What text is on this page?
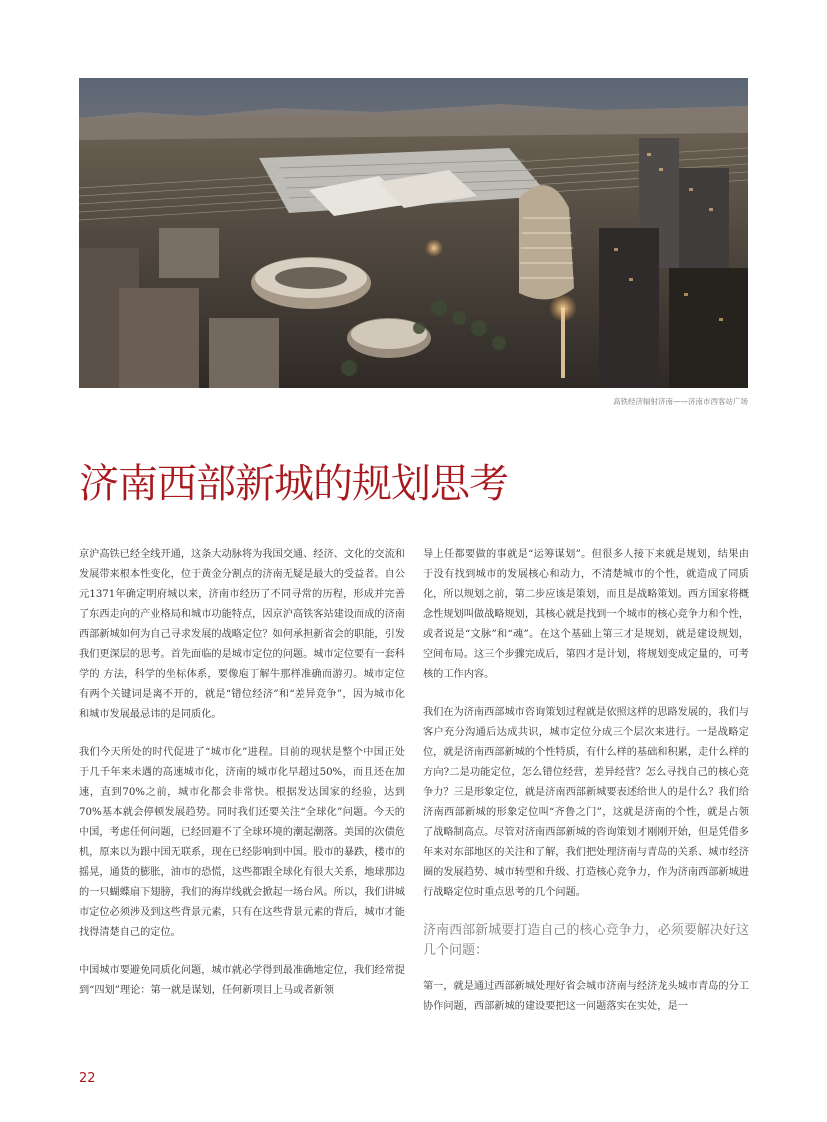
高铁经济辐射济南——济南市西客站广场
济南西部新城的规划思考

京沪高铁已经全线开通，这条大动脉将为我国交通、经济、文化的交流和发展带来根本性变化，位于黄金分割点的济南无疑是最大的受益者。自公元1371年确定明府城以来，济南市经历了不同寻常的历程，形成并完善了东西走向的产业格局和城市功能特点，因京沪高铁客站建设而成的济南西部新城如何为自己寻求发展的战略定位？如何承担新省会的职能，引发我们更深层的思考。首先面临的是城市定位的问题。城市定位要有一套科学的 方法，科学的坐标体系，要像庖丁解牛那样准确而游刃。城市定位有两个关键词是离不开的，就是“错位经济”和“差异竞争”，因为城市化和城市发展最忌讳的是同质化。

我们今天所处的时代促进了“城市化”进程。目前的现状是整个中国正处于几千年来未遇的高速城市化，济南的城市化早超过50%，而且还在加速，直到70%之前，城市化都会非常快。根据发达国家的经验，达到70%基本就会停顿发展趋势。同时我们还要关注“全球化”问题。今天的中国，考虑任何问题，已经回避不了全球环境的潮起潮落。美国的次债危机，原来以为跟中国无联系，现在已经影响到中国。股市的暴跌，楼市的摇晃，通货的膨胀，油市的恐慌，这些都跟全球化有很大关系，地球那边的一只蝴蝶扇下翅膀，我们的海岸线就会掀起一场台风。所以，我们讲城市定位必须涉及到这些背景元素，只有在这些背景元素的背后，城市才能找得清楚自己的定位。

中国城市要避免同质化问题，城市就必学得到最准确地定位，我们经常提到“四划”理论：第一就是谋划，任何新项目上马或者新领

导上任都要做的事就是“运筹谋划”。但很多人接下来就是规划，结果由于没有找到城市的发展核心和动力，不清楚城市的个性，就造成了同质化，所以规划之前，第二步应该是策划，而且是战略策划。西方国家将概念性规划叫做战略规划，其核心就是找到一个城市的核心竞争力和个性，或者说是“文脉”和“魂”。在这个基础上第三才是规划，就是建设规划，空间布局。这三个步骤完成后，第四才是计划，将规划变成定量的，可考核的工作内容。

我们在为济南西部城市咨询策划过程就是依照这样的思路发展的，我们与客户充分沟通后达成共识，城市定位分成三个层次来进行。一是战略定位，就是济南西部新城的个性特质，有什么样的基础和积累，走什么样的方向?二是功能定位，怎么错位经营，差异经营？怎么寻找自己的核心竞争力？三是形象定位，就是济南西部新城要表述给世人的是什么？我们给济南西部新城的形象定位叫“齐鲁之门”，这就是济南的个性，就是占领了战略制高点。尽管对济南西部新城的咨询策划才刚刚开始，但是凭借多年来对东部地区的关注和了解，我们把处理济南与青岛的关系、城市经济圈的发展趋势、城市转型和升级、打造核心竞争力，作为济南西部新城进行战略定位时重点思考的几个问题。

济南西部新城要打造自己的核心竞争力，必须要解决好这几个问题：

第一，就是通过西部新城处理好省会城市济南与经济龙头城市青岛的分工协作问题，西部新城的建设要把这一问题落实在实处，是一

22
